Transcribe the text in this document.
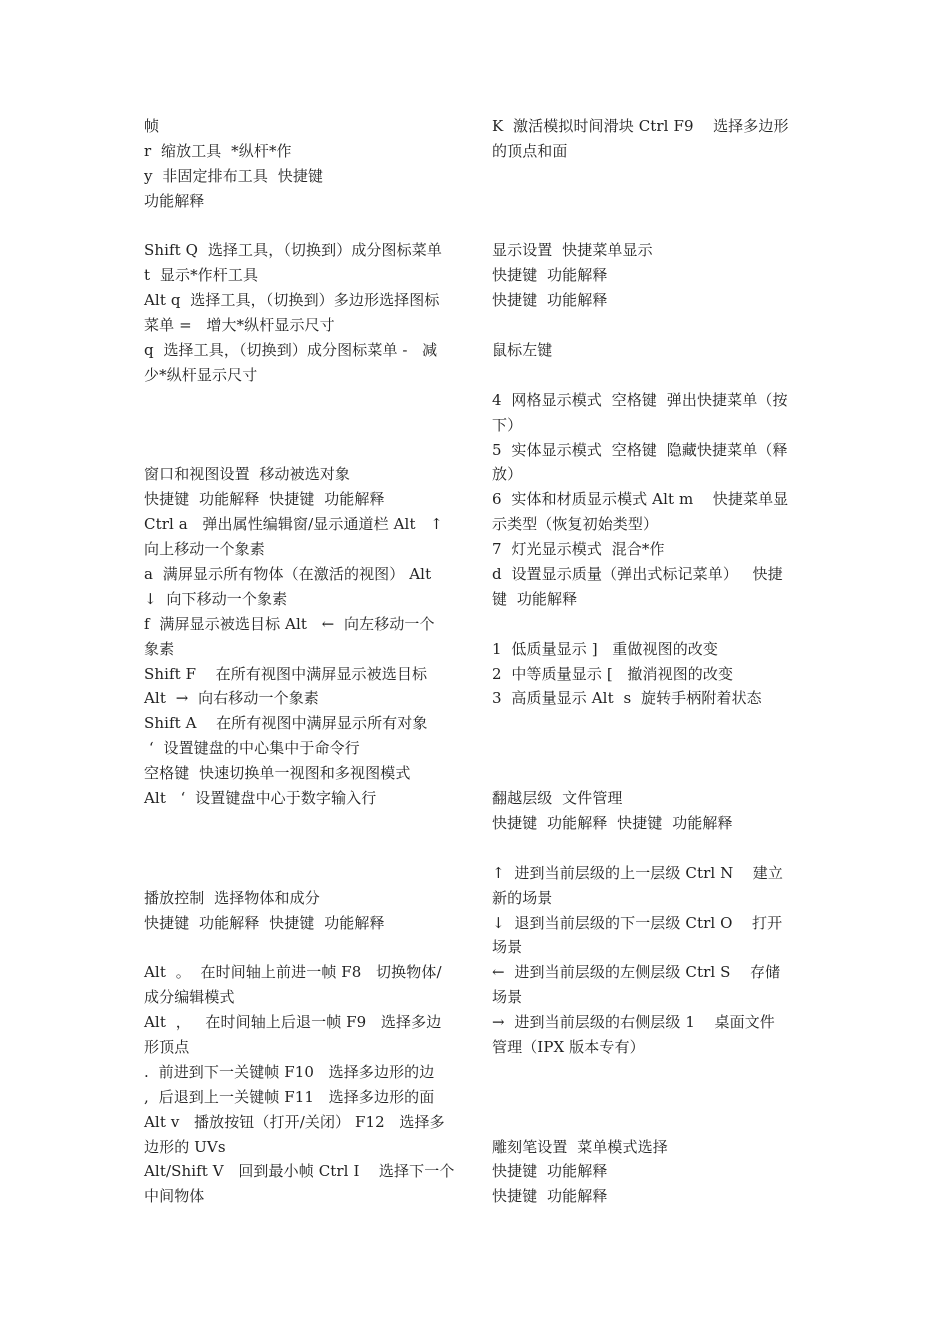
帧
r  缩放工具  *纵杆*作
y  非固定排布工具  快捷键
功能解释
Shift Q  选择工具，（切换到）成分图标菜单
t  显示*作杆工具
Alt q  选择工具，（切换到）多边形选择图标
菜单 =   增大*纵杆显示尺寸
q  选择工具，（切换到）成分图标菜单 -   减
少*纵杆显示尺寸
窗口和视图设置  移动被选对象
快捷键  功能解释  快捷键  功能解释
Ctrl a   弹出属性编辑窗/显示通道栏 Alt   ↑
向上移动一个象素
a  满屏显示所有物体（在激活的视图） Alt
↓  向下移动一个象素
f  满屏显示被选目标 Alt   ←  向左移动一个
象素
Shift F    在所有视图中满屏显示被选目标
Alt  →  向右移动一个象素
Shift A    在所有视图中满屏显示所有对象
‘  设置键盘的中心集中于命令行
空格键  快速切换单一视图和多视图模式
Alt   ‘  设置键盘中心于数字输入行
播放控制  选择物体和成分
快捷键  功能解释  快捷键  功能解释
Alt  。  在时间轴上前进一帧 F8   切换物体/
成分编辑模式
Alt  ，   在时间轴上后退一帧 F9   选择多边
形顶点
.  前进到下一关键帧 F10   选择多边形的边
,  后退到上一关键帧 F11   选择多边形的面
Alt v   播放按钮（打开/关闭） F12   选择多
边形的 UVs
Alt/Shift V   回到最小帧 Ctrl I    选择下一个
中间物体
K  激活模拟时间滑块 Ctrl F9    选择多边形
的顶点和面
显示设置  快捷菜单显示
快捷键  功能解释
快捷键  功能解释
鼠标左键
4  网格显示模式  空格键  弹出快捷菜单（按
下）
5  实体显示模式  空格键  隐藏快捷菜单（释
放）
6  实体和材质显示模式 Alt m    快捷菜单显
示类型（恢复初始类型）
7  灯光显示模式  混合*作
d  设置显示质量（弹出式标记菜单）   快捷
键  功能解释
1  低质量显示 ]   重做视图的改变
2  中等质量显示 [   撤消视图的改变
3  高质量显示 Alt  s  旋转手柄附着状态
翻越层级  文件管理
快捷键  功能解释  快捷键  功能解释
↑  进到当前层级的上一层级 Ctrl N    建立
新的场景
↓  退到当前层级的下一层级 Ctrl O    打开
场景
←  进到当前层级的左侧层级 Ctrl S    存储
场景
→  进到当前层级的右侧层级 1    桌面文件
管理（IPX 版本专有）
雕刻笔设置  菜单模式选择
快捷键  功能解释
快捷键  功能解释
